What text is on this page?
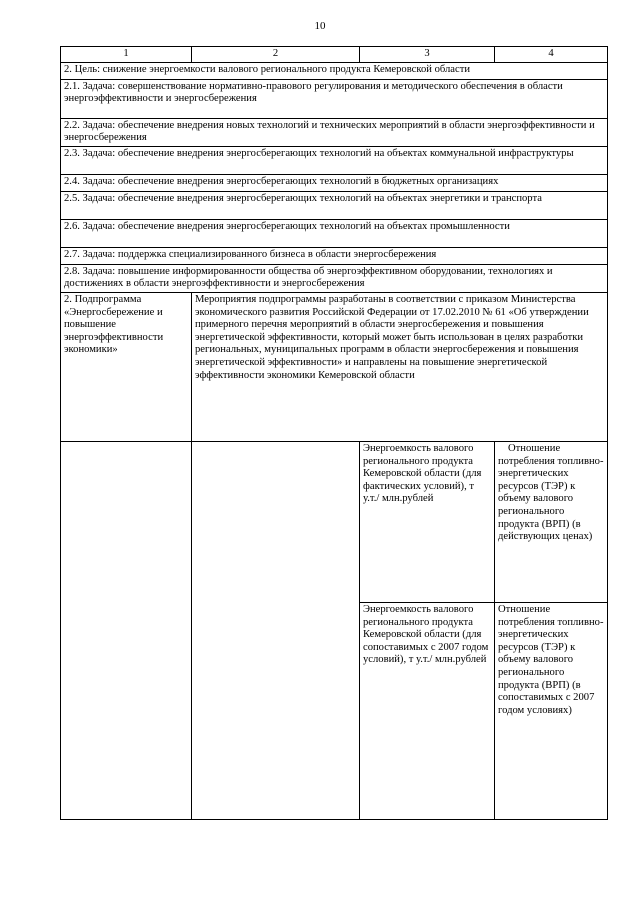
10
1	2	3	4
2. Цель: снижение энергоемкости валового регионального продукта Кемеровской области			
2.1. Задача: совершенствование нормативно-правового регулирования и методического обеспечения в области энергоэффективности и энергосбережения			
2.2. Задача: обеспечение внедрения новых технологий и технических мероприятий в области энергоэффективности и энергосбережения			
2.3. Задача: обеспечение внедрения энергосберегающих технологий на объектах коммунальной инфраструктуры			
2.4. Задача: обеспечение внедрения энергосберегающих технологий в бюджетных организациях			
2.5. Задача: обеспечение внедрения энергосберегающих технологий на объектах энергетики и транспорта			
2.6. Задача: обеспечение внедрения энергосберегающих технологий на объектах промышленности			
2.7. Задача: поддержка специализированного бизнеса в области энергосбережения			
2.8. Задача: повышение информированности общества об энергоэффективном оборудовании, технологиях и достижениях в области энергоэффективности и энергосбережения			
2. Подпрограмма «Энергосбережение и повышение энергоэффективности экономики»	Мероприятия подпрограммы разработаны в соответствии с приказом Министерства экономического развития Российской Федерации от 17.02.2010 № 61 «Об утверждении примерного перечня мероприятий в области энергосбережения и повышения энергетической эффективности, который может быть использован в целях разработки региональных, муниципальных программ в области энергосбережения и повышения энергетической эффективности» и направлены на повышение энергетической эффективности экономики Кемеровской области		
		Энергоемкость валового регионального продукта Кемеровской области (для фактических условий), т у.т./ млн.рублей	Отношение потребления топливно-энергетических ресурсов (ТЭР) к объему валового регионального продукта (ВРП) (в действующих ценах)
		Энергоемкость валового регионального продукта Кемеровской области (для сопоставимых с 2007 годом условий), т у.т./ млн.рублей	Отношение потребления топливно-энергетических ресурсов (ТЭР) к объему валового регионального продукта (ВРП) (в сопоставимых с 2007 годом условиях)
